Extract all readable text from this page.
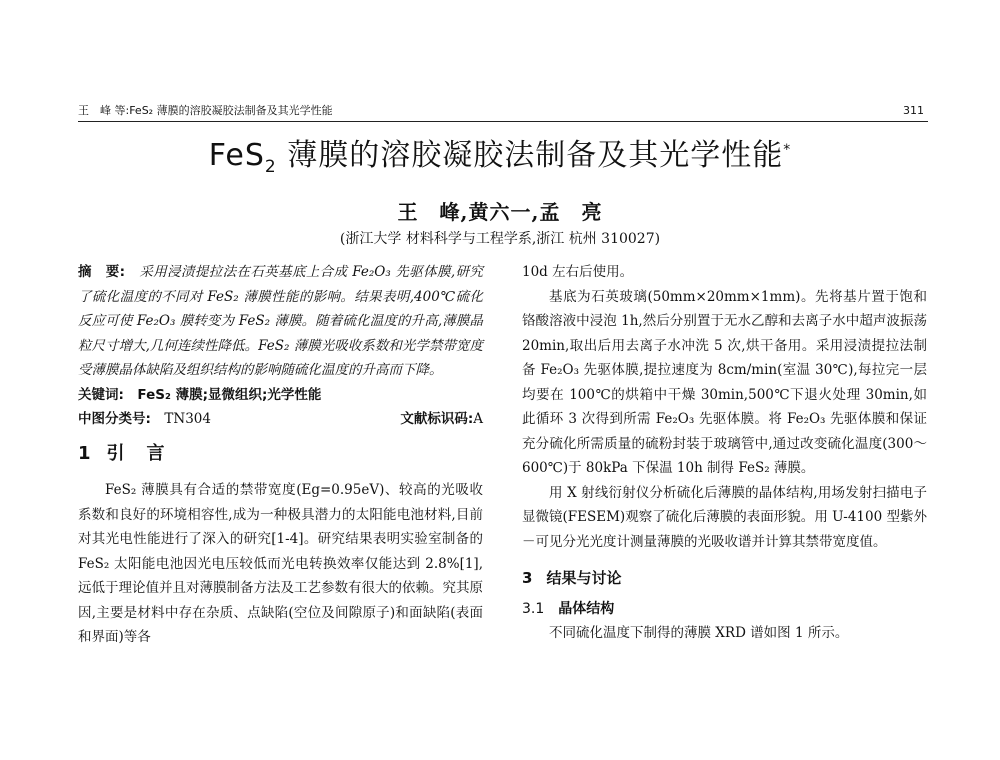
王　峰 等:FeS₂ 薄膜的溶胶凝胶法制备及其光学性能	311
FeS$_2$ 薄膜的溶胶凝胶法制备及其光学性能*
王　峰,黄六一,孟　亮
(浙江大学 材料科学与工程学系,浙江 杭州 310027)

摘　要:　 采用浸渍提拉法在石英基底上合成 Fe₂O₃ 先驱体膜,研究了硫化温度的不同对 FeS₂ 薄膜性能的影响。结果表明,400℃硫化反应可使 Fe₂O₃ 膜转变为 FeS₂ 薄膜。随着硫化温度的升高,薄膜晶粒尺寸增大,几何连续性降低。FeS₂ 薄膜光吸收系数和光学禁带宽度受薄膜晶体缺陷及组织结构的影响随硫化温度的升高而下降。

关键词:　 FeS₂ 薄膜;显微组织;光学性能

中图分类号:　 TN304	文献标识码:A
1 引　言

FeS₂ 薄膜具有合适的禁带宽度(Eg=0.95eV)、较高的光吸收系数和良好的环境相容性,成为一种极具潜力的太阳能电池材料,目前对其光电性能进行了深入的研究[1-4]。研究结果表明实验室制备的 FeS₂ 太阳能电池因光电压较低而光电转换效率仅能达到 2.8%[1],远低于理论值并且对薄膜制备方法及工艺参数有很大的依赖。究其原因,主要是材料中存在杂质、点缺陷(空位及间隙原子)和面缺陷(表面和界面)等各

10d 左右后使用。

基底为石英玻璃(50mm×20mm×1mm)。先将基片置于饱和铬酸溶液中浸泡 1h,然后分别置于无水乙醇和去离子水中超声波振荡 20min,取出后用去离子水冲洗 5 次,烘干备用。采用浸渍提拉法制备 Fe₂O₃ 先驱体膜,提拉速度为 8cm/min(室温 30℃),每拉完一层均要在 100℃的烘箱中干燥 30min,500℃下退火处理 30min,如此循环 3 次得到所需 Fe₂O₃ 先驱体膜。将 Fe₂O₃ 先驱体膜和保证充分硫化所需质量的硫粉封装于玻璃管中,通过改变硫化温度(300～600℃)于 80kPa 下保温 10h 制得 FeS₂ 薄膜。

用 X 射线衍射仪分析硫化后薄膜的晶体结构,用场发射扫描电子显微镜(FESEM)观察了硫化后薄膜的表面形貌。用 U-4100 型紫外－可见分光光度计测量薄膜的光吸收谱并计算其禁带宽度值。

3 结果与讨论
3.1 晶体结构

不同硫化温度下制得的薄膜 XRD 谱如图 1 所示。
